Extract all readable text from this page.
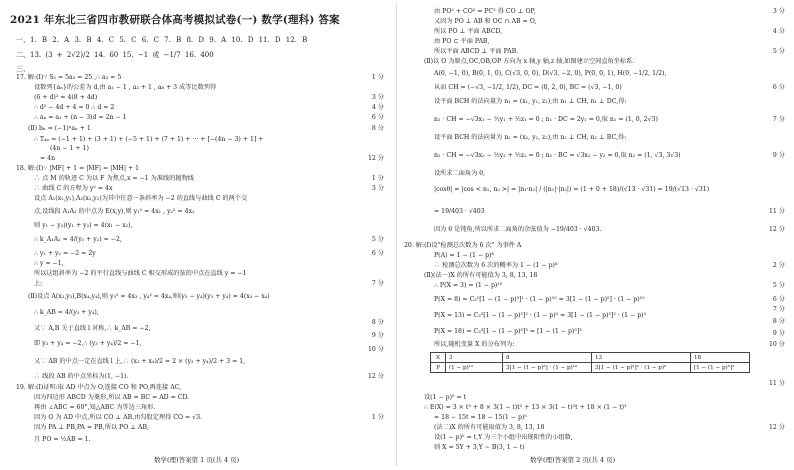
2021 年东北三省四市教研联合体高考模拟试卷(一) 数学(理科) 答案
一、1. B 2. A 3. B 4. C 5. C 6. C 7. B 8. D 9. A 10. D 11. D 12. B
二、13. (3 + 2√2)/2 14. 60 15. −1 或 −1/7 16. 400
三、
17. 解:(Ⅰ)∵ S₅ = 5a₃ = 25 ,∴ a₃ = 5
设数列{aₙ}的公差为 d,由 a₁ − 1 , a₃ + 1 , a₈ + 3 成等比数列得
(6 + d)² = 4(8 + 4d)
∴ d² − 4d + 4 = 0 ∴ d = 2
∴ aₙ = a₃ + (n − 3)d = 2n − 1
(Ⅱ) bₙ = (−1)ⁿaₙ + 1
∴ T₄ₙ = (−1 + 1) + (3 + 1) + (−5 + 1) + (7 + 1) + ··· + [−(4n − 3) + 1] +
(4n − 1 + 1)
= 4n
18. 解:(Ⅰ)∵ |MF| + 1 = |MF| = |MH| + 1
∴ 点 M 的轨迹 C 为以 F 为焦点,x = −1 为准线的抛物线
∴ 曲线 C 的方程为 y² = 4x
设点 A₁(x₁,y₁),A₂(x₂,y₂)为其中任意一条斜率为 −2 的直线与曲线 C 的两个交
点,设线段 A₁A₂ 的中点为 E(x,y),则 y₁² = 4x₁ , y₂² = 4x₂
则 y₁ − y₂)(y₁ + y₂) = 4(x₁ − x₂),
∴ k_A₁A₂ = 4/(y₁ + y₂) = −2,
∴ y₁ + y₂ = −2 = 2y
∴ y = −1,
所以这组斜率为 −2 的平行直线与曲线 C 相交形成的弦的中点在直线 y = −1
上;
(Ⅱ)设点 A(x₃,y₃),B(x₄,y₄),则 y₃² = 4x₃ , y₄² = 4x₄,则(y₃ − y₄)(y₃ + y₄) = 4(x₃ − x₄)
∴ k_AB = 4/(y₃ + y₄),
又∵ A,B 关于直线 l 对称,∴ k_AB = −2,
即 y₃ + y₄ = −2,∴ (y₃ + y₄)/2 = −1,
又∵ AB 的中点一定在直线 l 上,∴ (x₃ + x₄)/2 = 2 × (y₃ + y₄)/2 + 3 = 1,
∴ 线段 AB 的中点坐标为(1, −1).
19. 解:(Ⅰ)证明:取 AD 中点为 O,连接 CO 和 PO,再连接 AC,
因为四边形 ABCD 为菱形,所以 AB = BC = AD = CD.
再由 ∠ABC = 60°,知△ABC 为等边三角形.
因为 O 为 AD 中点,所以 CO ⊥ AB,由勾股定理得 CO = √3.
因为 PA ⊥ PB,PA = PB,所以 PO ⊥ AB,
且 PO = ½AB = 1.
1 分
3 分
4 分
6 分
8 分
12 分
1 分
3 分
5 分
6 分
7 分
8 分
9 分
10 分
12 分
1 分
数学(理)答案第 1 页(共 4 页)
由 PO² + CO² = PC² 得 CO ⊥ OP,
又因为 PO ⊥ AB 和 OC ∩ AB = O,
所以 PO ⊥ 平面 ABCD,
由 PO ⊂ 平面 PAB,
所以平面 ABCD ⊥ 平面 PAB.
(Ⅱ)以 O 为原点,OC,OB,OP 方向为 x 轴,y 轴,z 轴,如图建立空间直角坐标系.
A(0, −1, 0), B(0, 1, 0), C(√3, 0, 0), D(√3, −2, 0), P(0, 0, 1), H(0, −1/2, 1/2),
从而 CH = (−√3, −1/2, 1/2), DC = (0, 2, 0), BC = (√3, −1, 0)
设平面 BCH 的法向量为 n₁ = (x₁, y₁, z₁),由 n₁ ⊥ CH, n₁ ⊥ DC,得:
n₁ · CH = −√3x₁ − ½y₁ + ½z₁ = 0 ; n₁ · DC = 2y₁ = 0,取 n₁ = (1, 0, 2√3)
设平面 BCH 的法向量为 n₂ = (x₂, y₂, z₂),由 n₂ ⊥ CH, n₂ ⊥ BC,得:
n₂ · CH = −√3x₂ − ½y₂ + ½z₂ = 0 ; n₂ · BC = √3x₂ − y₂ = 0,取 n₂ = (1, √3, 3√3)
设所求二面角为 θ,
|cosθ| = |cos < n₁, n₂ >| = |n₁·n₂| / (|n₁|·|n₂|) = (1 + 0 + 18)/(√13 · √31) = 19/(√13 · √31)
= 19/403 · √403
因为 θ 是钝角,所以所求二面角的余弦值为 −19/403 · √403.
20. 解:(Ⅰ)设"检测总次数为 6 次" 为事件 A
P(A) = 1 − (1 − p)⁶
∴ 检测总次数为 6 次的概率为 1 − (1 − p)⁶
(Ⅱ)(法一)X 的所有可能值为 3, 8, 13, 18
∴ P(X = 3) = (1 − p)¹⁵
P(X = 8) = C₃¹[1 − (1 − p)⁵]¹ · (1 − p)¹⁰ = 3[1 − (1 − p)⁵] · (1 − p)¹⁰
P(X = 13) = C₃²[1 − (1 − p)⁵]² · (1 − p)⁵ = 3[1 − (1 − p)⁵]² · (1 − p)⁵
P(X = 18) = C₃³[1 − (1 − p)⁵]³ = [1 − (1 − p)⁵]³
所以,随机变量 X 的分布列为:
X	3	8	13	18
P	(1 − p)¹⁵	3[1 − (1 − p)⁵] · (1 − p)¹⁰	3[1 − (1 − p)⁵]² · (1 − p)⁵	[1 − (1 − p)⁵]³
设(1 − p)⁵ = t
∴ E(X) = 3 × t³ + 8 × 3(1 − t)t² + 13 × 3(1 − t)²t + 18 × (1 − t)³
= 18 − 15t = 18 − 15(1 − p)⁵
(法二)X 的所有可能取值为 3, 8, 13, 18
设(1 − p)⁵ = t,Y 为三个小组中出现阳性的小组数,
则 X = 5Y + 3,Y ∼ B(3, 1 − t)
3 分
4 分
5 分
6 分
7 分
9 分
11 分
12 分
2 分
5 分
6 分
7 分
8 分
9 分
10 分
11 分
12 分
数学(理)答案第 2 页(共 4 页)
